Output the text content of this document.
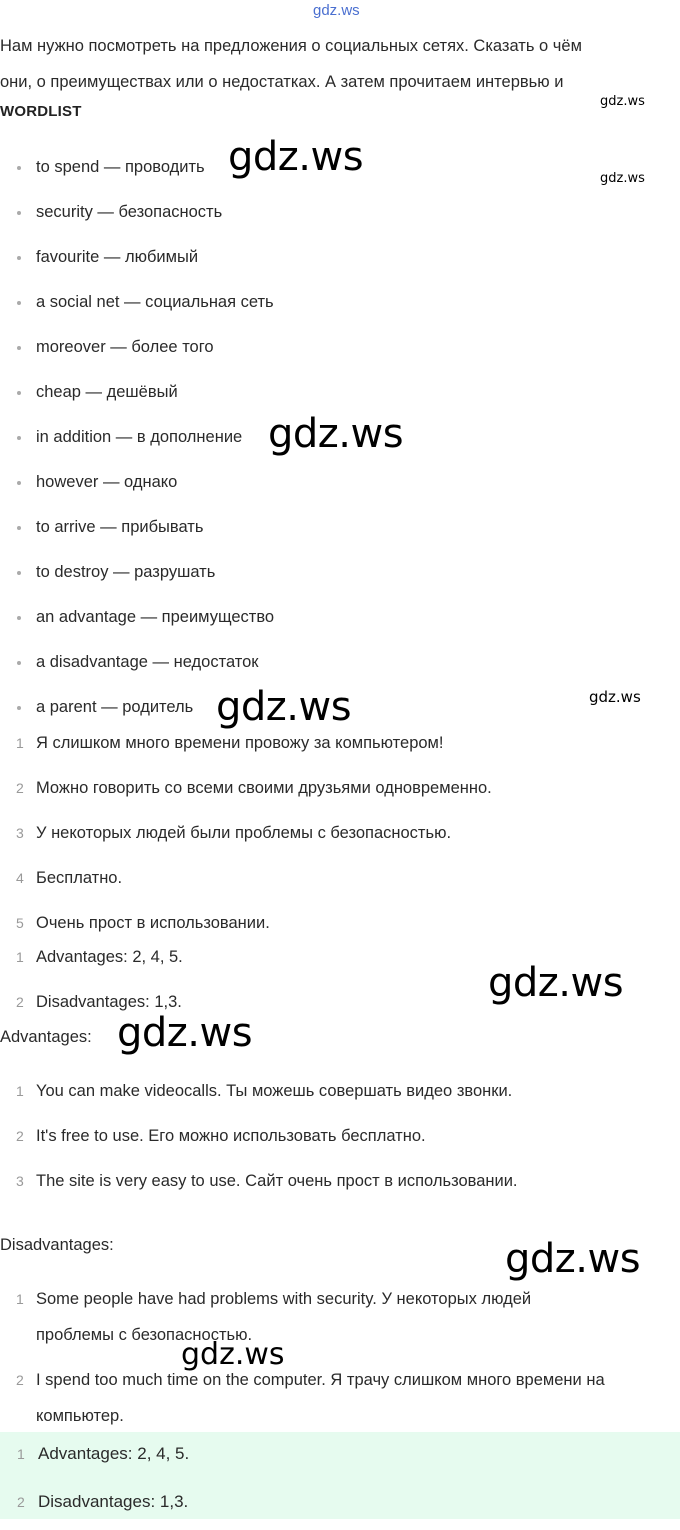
gdz.ws

Нам нужно посмотреть на предложения о социальных сетях. Сказать о чём

они, о преимуществах или о недостатках. А затем прочитаем интервью и

WORDLIST
to spend — проводить
security — безопасность
favourite — любимый
a social net — социальная сеть
moreover — более того
cheap — дешёвый
in addition — в дополнение
however — однако
to arrive — прибывать
to destroy — разрушать
an advantage — преимущество
a disadvantage — недостаток
a parent — родитель
1 Я слишком много времени провожу за компьютером!
2 Можно говорить со всеми своими друзьями одновременно.
3 У некоторых людей были проблемы с безопасностью.
4 Бесплатно.
5 Очень прост в использовании.
1 Advantages: 2, 4, 5.
2 Disadvantages: 1,3.
Advantages:
1 You can make videocalls. Ты можешь совершать видео звонки.
2 It's free to use. Его можно использовать бесплатно.
3 The site is very easy to use. Сайт очень прост в использовании.
Disadvantages:
1 Some people have had problems with security. У некоторых людей
проблемы с безопасностью.
2 I spend too much time on the computer. Я трачу слишком много времени на
компьютер.
1 Advantages: 2, 4, 5.
2 Disadvantages: 1,3.
gdz.ws
gdz.ws
gdz.ws
gdz.ws
gdz.ws
gdz.ws
gdz.ws
gdz.ws
gdz.ws
gdz.ws
